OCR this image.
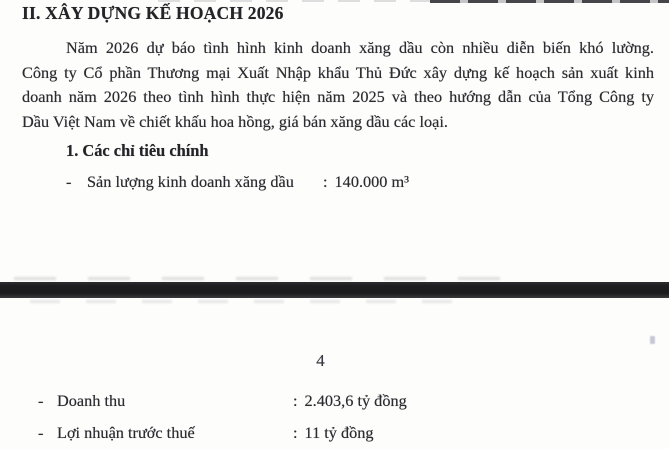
II. XÂY DỰNG KẾ HOẠCH 2026
Năm 2026 dự báo tình hình kinh doanh xăng dầu còn nhiều diễn biến khó lường.
Công ty Cổ phần Thương mại Xuất Nhập khẩu Thủ Đức xây dựng kế hoạch sản xuất kinh
doanh năm 2026 theo tình hình thực hiện năm 2025 và theo hướng dẫn của Tổng Công ty
Dầu Việt Nam về chiết khấu hoa hồng, giá bán xăng dầu các loại.
1. Các chỉ tiêu chính
- Sản lượng kinh doanh xăng dầu	: 140.000 m³
4
- Doanh thu	: 2.403,6 tỷ đồng
- Lợi nhuận trước thuế	: 11 tỷ đồng
